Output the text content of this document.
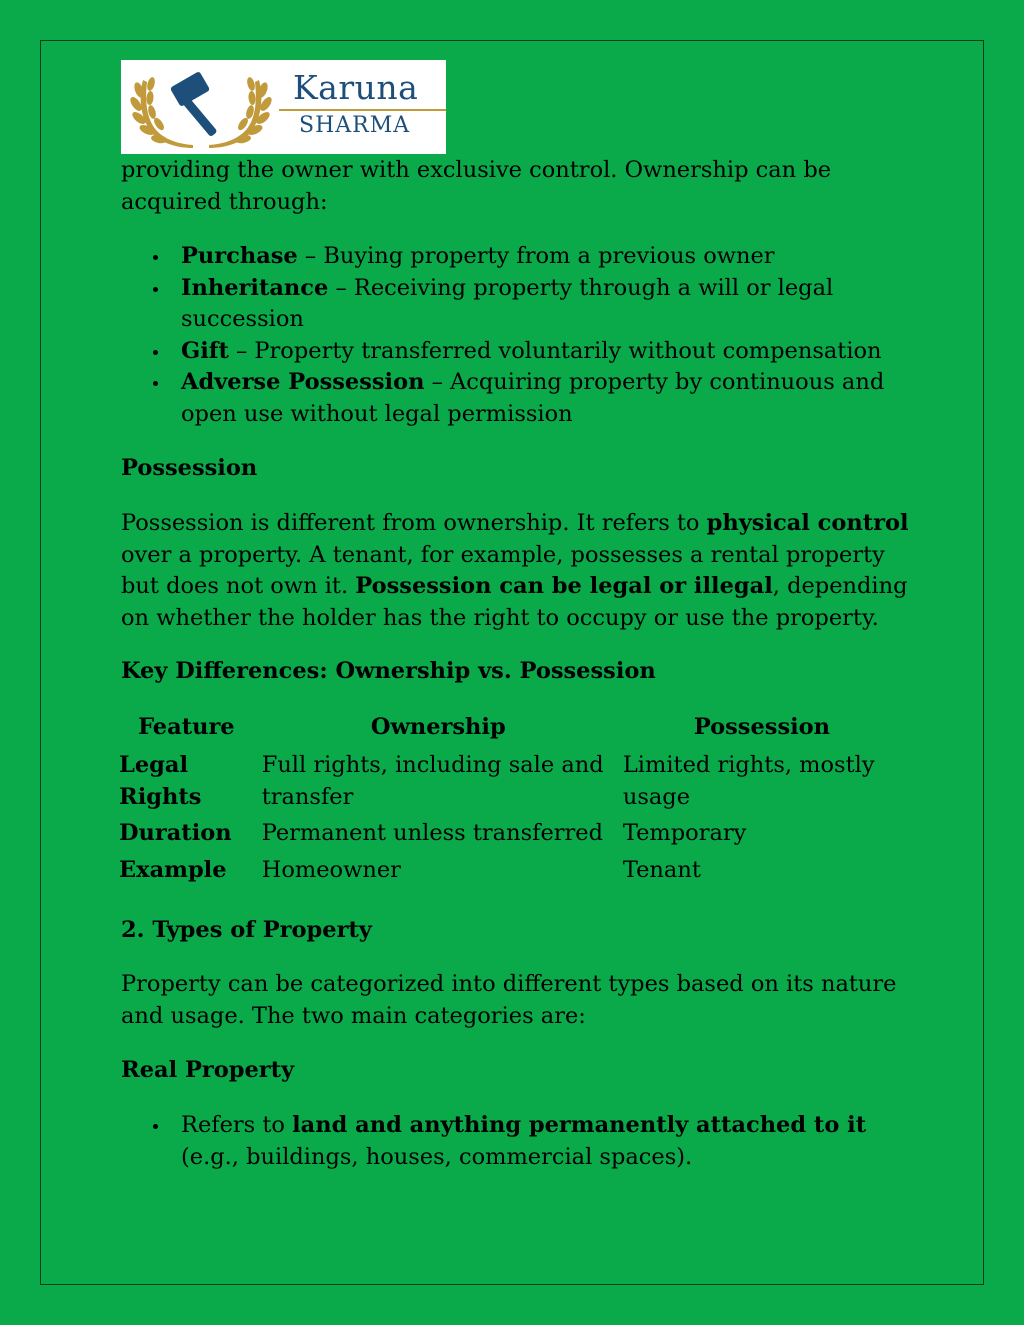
Karuna
SHARMA

providing the owner with exclusive control. Ownership can be acquired through:

Purchase – Buying property from a previous owner
Inheritance – Receiving property through a will or legal succession
Gift – Property transferred voluntarily without compensation
Adverse Possession – Acquiring property by continuous and open use without legal permission
Possession

Possession is different from ownership. It refers to physical control over a property. A tenant, for example, possesses a rental property but does not own it. Possession can be legal or illegal, depending on whether the holder has the right to occupy or use the property.

Key Differences: Ownership vs. Possession
Feature	Ownership	Possession
Legal Rights	Full rights, including sale and transfer	Limited rights, mostly usage
Duration	Permanent unless transferred	Temporary
Example	Homeowner	Tenant
2. Types of Property

Property can be categorized into different types based on its nature and usage. The two main categories are:

Real Property
Refers to land and anything permanently attached to it (e.g., buildings, houses, commercial spaces).
